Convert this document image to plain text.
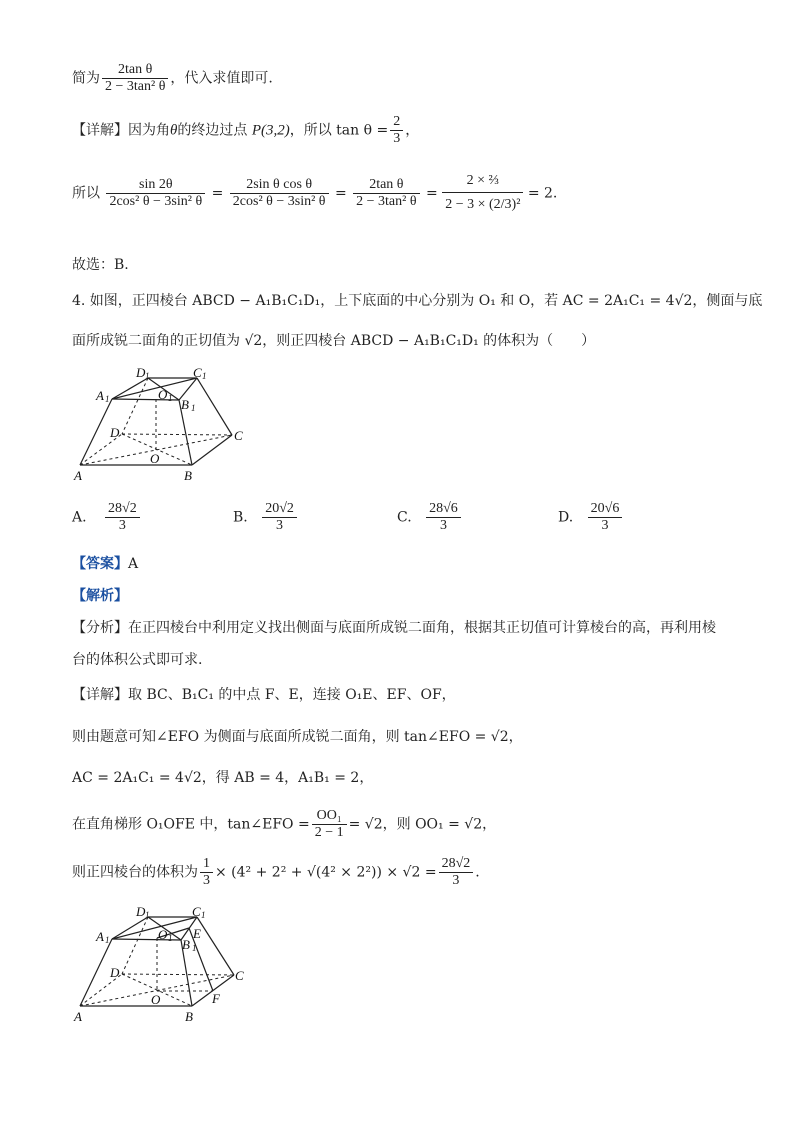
简为 $\frac{\text{2tan θ}}{\text{2 − 3tan² θ}}$ ，代入求值即可.
【详解】因为角θ的终边过点 P(3,2)，所以 $\tan \theta = \frac{2}{3}$ ，
所以 $\frac{\sin 2\theta}{\text{2cos² θ − 3sin² θ}} = \frac{\text{2sin θ cos θ}}{\text{2cos² θ − 3sin² θ}} = \frac{\text{2tan θ}}{\text{2 − 3tan² θ}} = \frac{\text{2 × ⅔}}{\text{2 − 3 × (2/3)²}} = 2$.
故选：B.
4. 如图，正四棱台 ABCD − A₁B₁C₁D₁，上下底面的中心分别为 O₁ 和 O，若 AC = 2A₁C₁ = 4√2，侧面与底
面所成锐二面角的正切值为 √2，则正四棱台 ABCD − A₁B₁C₁D₁ 的体积为（　　）
D 1	C 1
A 1	O 1 B 1
D	C
O
A	B
A. $\frac{28√2}{3}$	B. $\frac{20√2}{3}$	C. $\frac{28√6}{3}$	D. $\frac{20√6}{3}$
【答案】A
【解析】
【分析】在正四棱台中利用定义找出侧面与底面所成锐二面角，根据其正切值可计算棱台的高，再利用棱
台的体积公式即可求.
【详解】取 BC、B₁C₁ 的中点 F、E，连接 O₁E、EF、OF，
则由题意可知∠EFO 为侧面与底面所成锐二面角，则 tan∠EFO = √2，
AC = 2A₁C₁ = 4√2，得 AB = 4，A₁B₁ = 2，
在直角梯形 O₁OFE 中，tan∠EFO = $\frac{\text{OO₁}}{2 - 1} = √2$，则 OO₁ = √2，
则正四棱台的体积为 $\frac{1}{3} \times (4^2 + 2^2 + √(4^2 \times 2^2)) \times √2 = \frac{28√2}{3}$ .
D 1	C 1
A 1	O 1 E
B 1
D	C
O	F
A	B
